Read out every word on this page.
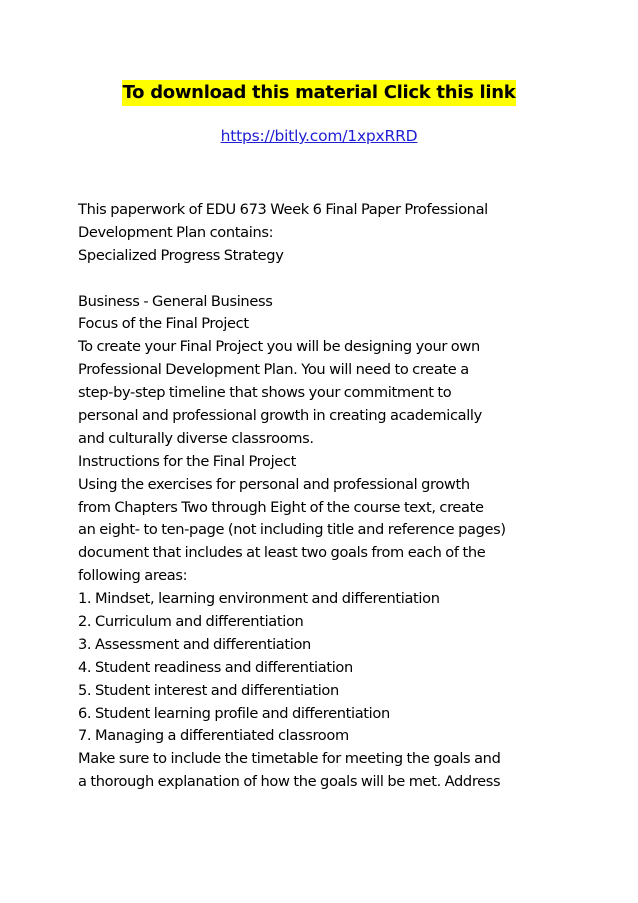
To download this material Click this link
https://bitly.com/1xpxRRD
This paperwork of EDU 673 Week 6 Final Paper Professional
Development Plan contains:
Specialized Progress Strategy
Business - General Business
Focus of the Final Project
To create your Final Project you will be designing your own
Professional Development Plan. You will need to create a
step-by-step timeline that shows your commitment to
personal and professional growth in creating academically
and culturally diverse classrooms.
Instructions for the Final Project
Using the exercises for personal and professional growth
from Chapters Two through Eight of the course text, create
an eight- to ten-page (not including title and reference pages)
document that includes at least two goals from each of the
following areas:
1. Mindset, learning environment and differentiation
2. Curriculum and differentiation
3. Assessment and differentiation
4. Student readiness and differentiation
5. Student interest and differentiation
6. Student learning profile and differentiation
7. Managing a differentiated classroom
Make sure to include the timetable for meeting the goals and
a thorough explanation of how the goals will be met. Address
